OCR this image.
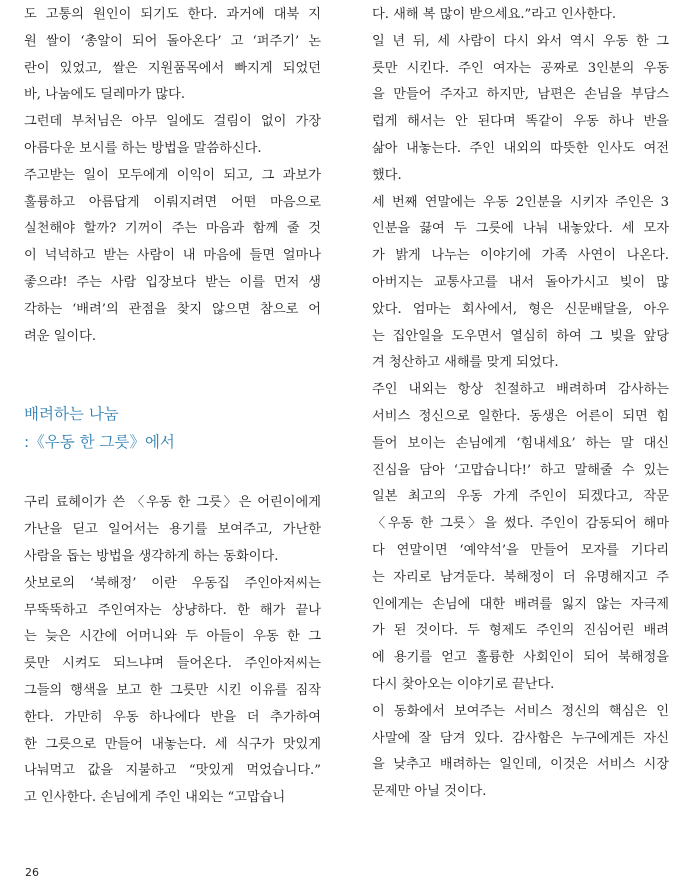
도 고통의 원인이 되기도 한다. 과거에 대북 지
원 쌀이 ‘총알이 되어 돌아온다’ 고 ‘퍼주기’ 논
란이 있었고, 쌀은 지원품목에서 빠지게 되었던
바, 나눔에도 딜레마가 많다.
그런데 부처님은 아무 일에도 걸림이 없이 가장
아름다운 보시를 하는 방법을 말씀하신다.
주고받는 일이 모두에게 이익이 되고, 그 과보가
훌륭하고 아름답게 이뤄지려면 어떤 마음으로
실천해야 할까? 기꺼이 주는 마음과 함께 줄 것
이 넉넉하고 받는 사람이 내 마음에 들면 얼마나
좋으랴! 주는 사람 입장보다 받는 이를 먼저 생
각하는 ‘배려’의 관점을 찾지 않으면 참으로 어
려운 일이다.
배려하는 나눔
:《우동 한 그릇》에서
구리 료헤이가 쓴 〈우동 한 그릇〉은 어린이에게
가난을 딛고 일어서는 용기를 보여주고, 가난한
사람을 돕는 방법을 생각하게 하는 동화이다.
삿보로의 ‘북해정’ 이란 우동집 주인아저씨는
무뚝뚝하고 주인여자는 상냥하다. 한 해가 끝나
는 늦은 시간에 어머니와 두 아들이 우동 한 그
릇만 시켜도 되느냐며 들어온다. 주인아저씨는
그들의 행색을 보고 한 그릇만 시킨 이유를 짐작
한다. 가만히 우동 하나에다 반을 더 추가하여
한 그릇으로 만들어 내놓는다. 세 식구가 맛있게
나눠먹고 값을 지불하고 “맛있게 먹었습니다.”
고 인사한다. 손님에게 주인 내외는 “고맙습니
다. 새해 복 많이 받으세요.”라고 인사한다.
일 년 뒤, 세 사람이 다시 와서 역시 우동 한 그
릇만 시킨다. 주인 여자는 공짜로 3인분의 우동
을 만들어 주자고 하지만, 남편은 손님을 부담스
럽게 해서는 안 된다며 똑같이 우동 하나 반을
삶아 내놓는다. 주인 내외의 따뜻한 인사도 여전
했다.
세 번째 연말에는 우동 2인분을 시키자 주인은 3
인분을 끓여 두 그릇에 나눠 내놓았다. 세 모자
가 밝게 나누는 이야기에 가족 사연이 나온다.
아버지는 교통사고를 내서 돌아가시고 빚이 많
았다. 엄마는 회사에서, 형은 신문배달을, 아우
는 집안일을 도우면서 열심히 하여 그 빚을 앞당
겨 청산하고 새해를 맞게 되었다.
주인 내외는 항상 친절하고 배려하며 감사하는
서비스 정신으로 일한다. 동생은 어른이 되면 힘
들어 보이는 손님에게 ‘힘내세요’ 하는 말 대신
진심을 담아 ‘고맙습니다!’ 하고 말해줄 수 있는
일본 최고의 우동 가게 주인이 되겠다고, 작문
〈우동 한 그릇〉을 썼다. 주인이 감동되어 해마
다 연말이면 ‘예약석’을 만들어 모자를 기다리
는 자리로 남겨둔다. 북해정이 더 유명해지고 주
인에게는 손님에 대한 배려를 잃지 않는 자극제
가 된 것이다. 두 형제도 주인의 진심어린 배려
에 용기를 얻고 훌륭한 사회인이 되어 북해정을
다시 찾아오는 이야기로 끝난다.
이 동화에서 보여주는 서비스 정신의 핵심은 인
사말에 잘 담겨 있다. 감사함은 누구에게든 자신
을 낮추고 배려하는 일인데, 이것은 서비스 시장
문제만 아닐 것이다.
26
